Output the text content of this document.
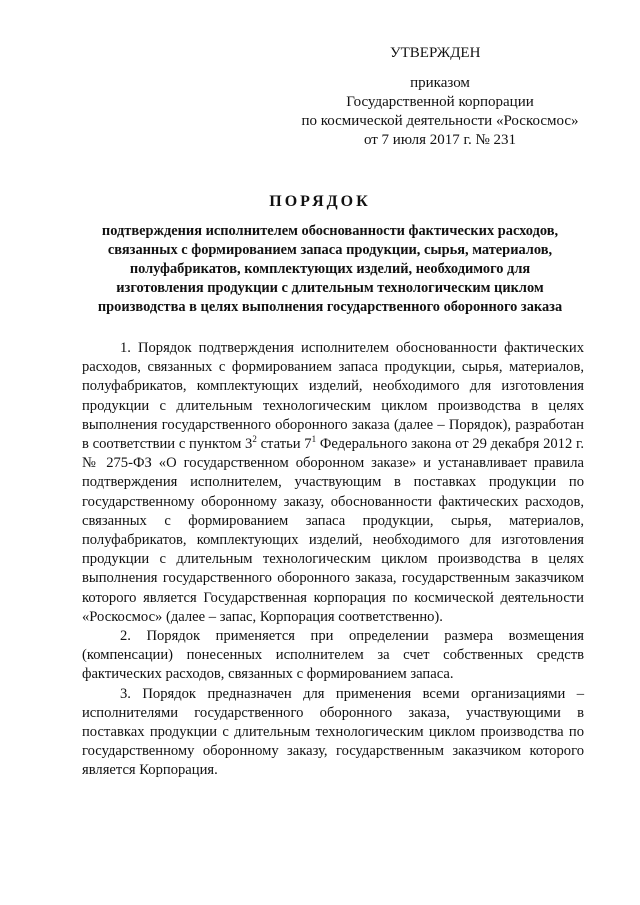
УТВЕРЖДЕН
приказом
Государственной корпорации
по космической деятельности «Роскосмос»
от 7 июля 2017 г. № 231
ПОРЯДОК
подтверждения исполнителем обоснованности фактических расходов,
связанных с формированием запаса продукции, сырья, материалов,
полуфабрикатов, комплектующих изделий, необходимого для
изготовления продукции с длительным технологическим циклом
производства в целях выполнения государственного оборонного заказа

1. Порядок подтверждения исполнителем обоснованности фактических расходов, связанных с формированием запаса продукции, сырья, материалов, полуфабрикатов, комплектующих изделий, необходимого для изготовления продукции с длительным технологическим циклом производства в целях выполнения государственного оборонного заказа (далее – Порядок), разработан в соответствии с пунктом $3^2$ статьи $7^1$ Федерального закона от 29 декабря 2012 г. № 275-ФЗ «О государственном оборонном заказе» и устанавливает правила подтверждения исполнителем, участвующим в поставках продукции по государственному оборонному заказу, обоснованности фактических расходов, связанных с формированием запаса продукции, сырья, материалов, полуфабрикатов, комплектующих изделий, необходимого для изготовления продукции с длительным технологическим циклом производства в целях выполнения государственного оборонного заказа, государственным заказчиком которого является Государственная корпорация по космической деятельности «Роскосмос» (далее – запас, Корпорация соответственно).

2. Порядок применяется при определении размера возмещения (компенсации) понесенных исполнителем за счет собственных средств фактических расходов, связанных с формированием запаса.

3. Порядок предназначен для применения всеми организациями – исполнителями государственного оборонного заказа, участвующими в поставках продукции с длительным технологическим циклом производства по государственному оборонному заказу, государственным заказчиком которого является Корпорация.
